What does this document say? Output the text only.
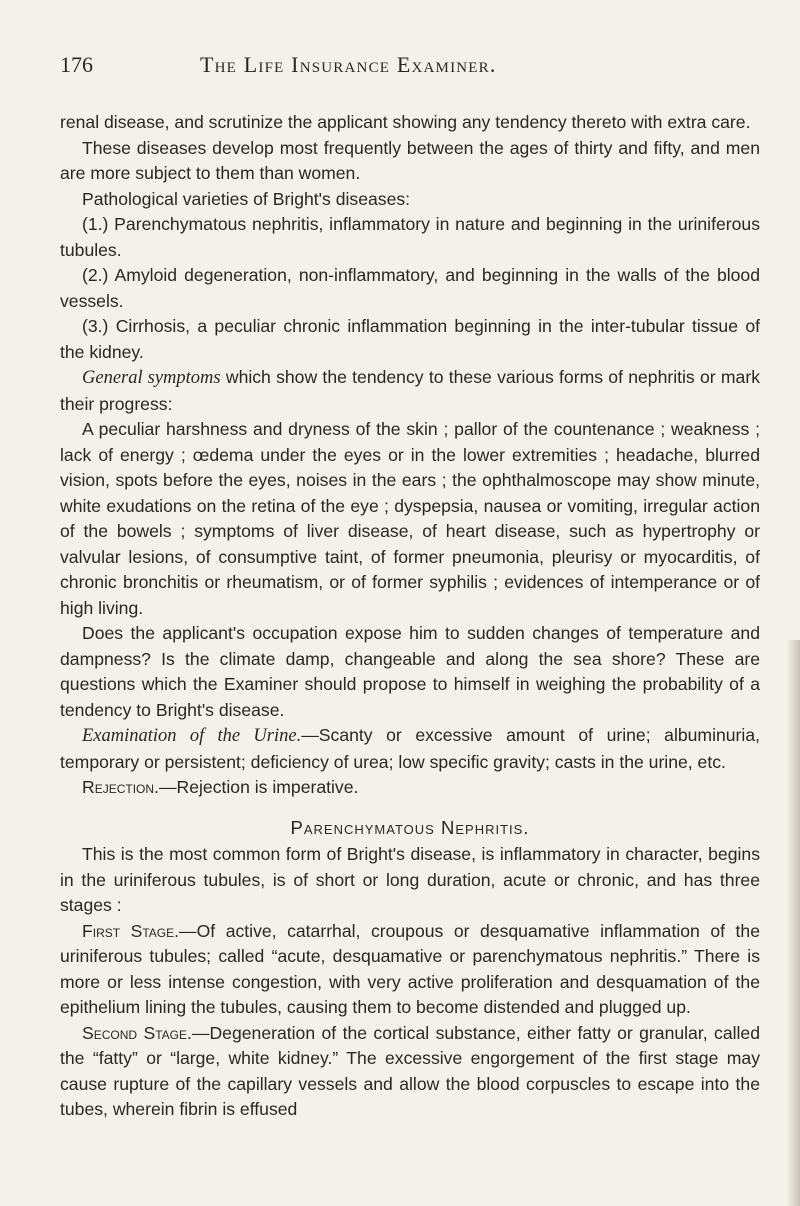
176	The Life Insurance Examiner.

renal disease, and scrutinize the applicant showing any tendency thereto with extra care.

These diseases develop most frequently between the ages of thirty and fifty, and men are more subject to them than women.

Pathological varieties of Bright's diseases:

(1.) Parenchymatous nephritis, inflammatory in nature and beginning in the uriniferous tubules.

(2.) Amyloid degeneration, non-inflammatory, and beginning in the walls of the blood vessels.

(3.) Cirrhosis, a peculiar chronic inflammation beginning in the inter-tubular tissue of the kidney.

General symptoms which show the tendency to these various forms of nephritis or mark their progress:

A peculiar harshness and dryness of the skin ; pallor of the countenance ; weakness ; lack of energy ; œdema under the eyes or in the lower extremities ; headache, blurred vision, spots before the eyes, noises in the ears ; the ophthalmoscope may show minute, white exudations on the retina of the eye ; dyspepsia, nausea or vomiting, irregular action of the bowels ; symptoms of liver disease, of heart disease, such as hypertrophy or valvular lesions, of consumptive taint, of former pneumonia, pleurisy or myocarditis, of chronic bronchitis or rheumatism, or of former syphilis ; evidences of intemperance or of high living.

Does the applicant's occupation expose him to sudden changes of temperature and dampness? Is the climate damp, changeable and along the sea shore? These are questions which the Examiner should propose to himself in weighing the probability of a tendency to Bright's disease.

Examination of the Urine.—Scanty or excessive amount of urine; albuminuria, temporary or persistent; deficiency of urea; low specific gravity; casts in the urine, etc.

Rejection.—Rejection is imperative.

Parenchymatous Nephritis.

This is the most common form of Bright's disease, is inflammatory in character, begins in the uriniferous tubules, is of short or long duration, acute or chronic, and has three stages :

First Stage.—Of active, catarrhal, croupous or desquamative inflammation of the uriniferous tubules; called “acute, desquamative or parenchymatous nephritis.” There is more or less intense congestion, with very active proliferation and desquamation of the epithelium lining the tubules, causing them to become distended and plugged up.

Second Stage.—Degeneration of the cortical substance, either fatty or granular, called the “fatty” or “large, white kidney.” The excessive engorgement of the first stage may cause rupture of the capillary vessels and allow the blood corpuscles to escape into the tubes, wherein fibrin is effused
